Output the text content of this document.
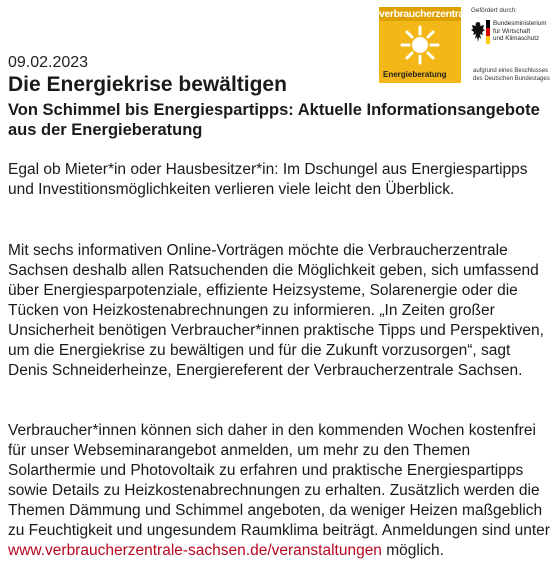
verbraucherzentrale
Energieberatung
Gefördert durch:
Bundesministerium
für Wirtschaft
und Klimaschutz
aufgrund eines Beschlusses
des Deutschen Bundestages
09.02.2023
Die Energiekrise bewältigen
Von Schimmel bis Energiespartipps: Aktuelle Informationsangebote aus der Energieberatung

Egal ob Mieter*in oder Hausbesitzer*in: Im Dschungel aus Energiespartipps und Investitionsmöglichkeiten verlieren viele leicht den Überblick.

Mit sechs informativen Online-Vorträgen möchte die Verbraucherzentrale Sachsen deshalb allen Ratsuchenden die Möglichkeit geben, sich umfassend über Energiesparpotenziale, effiziente Heizsysteme, Solarenergie oder die Tücken von Heizkostenabrechnungen zu informieren. „In Zeiten großer Unsicherheit benötigen Verbraucher*innen praktische Tipps und Perspektiven, um die Energiekrise zu bewältigen und für die Zukunft vorzusorgen“, sagt Denis Schneiderheinze, Energiereferent der Verbraucherzentrale Sachsen.

Verbraucher*innen können sich daher in den kommenden Wochen kostenfrei für unser Webseminarangebot anmelden, um mehr zu den Themen Solarthermie und Photovoltaik zu erfahren und praktische Energiespartipps sowie Details zu Heizkostenabrechnungen zu erhalten. Zusätzlich werden die Themen Dämmung und Schimmel angeboten, da weniger Heizen maßgeblich zu Feuchtigkeit und ungesundem Raumklima beiträgt. Anmeldungen sind unter www.verbraucherzentrale-sachsen.de/veranstaltungen möglich.
